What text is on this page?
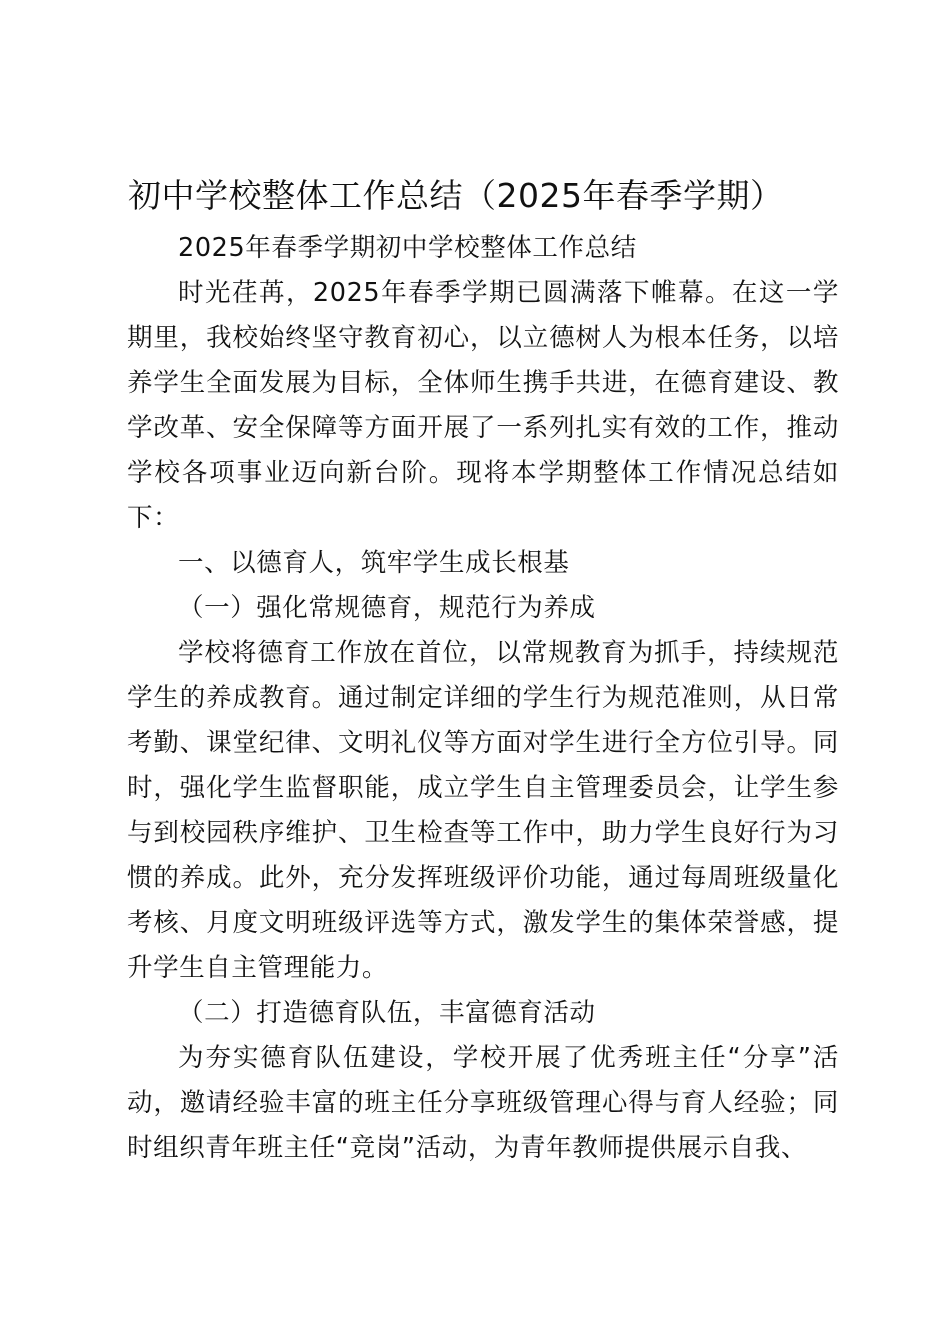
初中学校整体工作总结（2025年春季学期）

2025年春季学期初中学校整体工作总结

时光荏苒，2025年春季学期已圆满落下帷幕。在这一学期里，我校始终坚守教育初心，以立德树人为根本任务，以培养学生全面发展为目标，全体师生携手共进，在德育建设、教学改革、安全保障等方面开展了一系列扎实有效的工作，推动学校各项事业迈向新台阶。现将本学期整体工作情况总结如下：

一、以德育人，筑牢学生成长根基

（一）强化常规德育，规范行为养成

学校将德育工作放在首位，以常规教育为抓手，持续规范学生的养成教育。通过制定详细的学生行为规范准则，从日常考勤、课堂纪律、文明礼仪等方面对学生进行全方位引导。同时，强化学生监督职能，成立学生自主管理委员会，让学生参与到校园秩序维护、卫生检查等工作中，助力学生良好行为习惯的养成。此外，充分发挥班级评价功能，通过每周班级量化考核、月度文明班级评选等方式，激发学生的集体荣誉感，提升学生自主管理能力。

（二）打造德育队伍，丰富德育活动

为夯实德育队伍建设，学校开展了优秀班主任“分享”活动，邀请经验丰富的班主任分享班级管理心得与育人经验；同时组织青年班主任“竞岗”活动，为青年教师提供展示自我、
